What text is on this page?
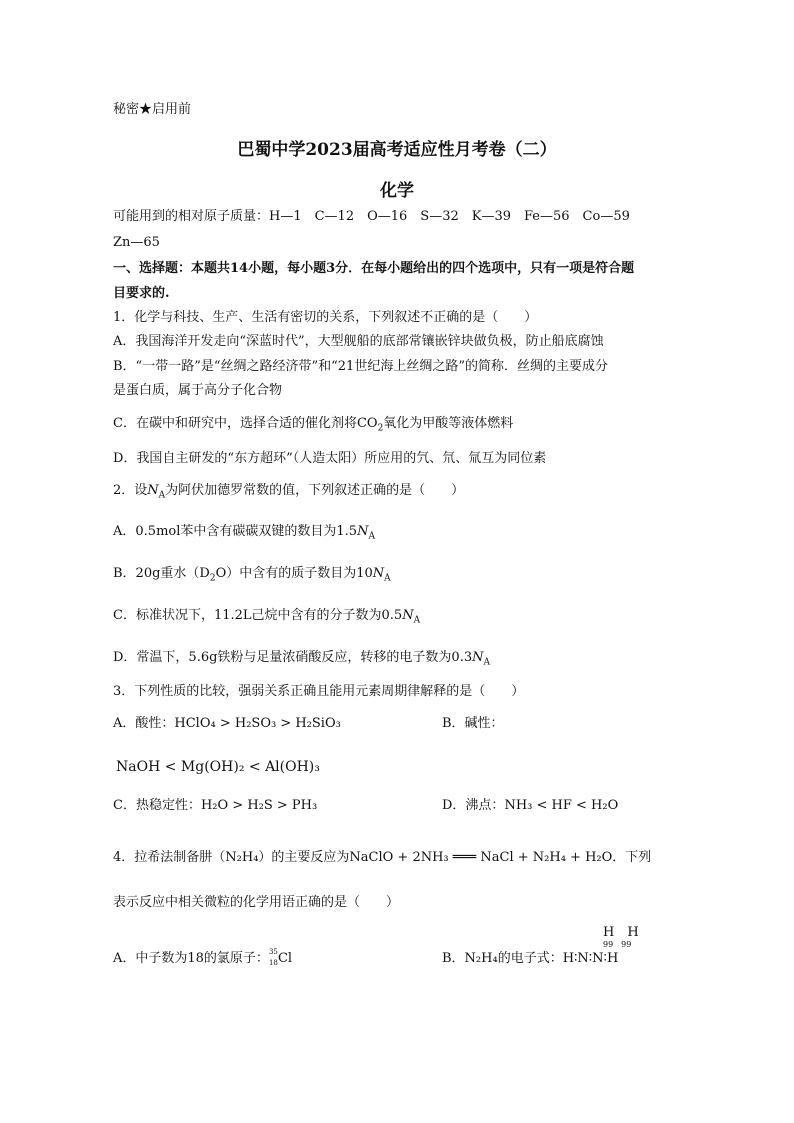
秘密★启用前
巴蜀中学2023届高考适应性月考卷（二）
化学
可能用到的相对原子质量：H—1　C—12　O—16　S—32　K—39　Fe—56　Co—59
Zn—65
一、选择题：本题共14小题，每小题3分．在每小题给出的四个选项中，只有一项是符合题
目要求的.
1．化学与科技、生产、生活有密切的关系，下列叙述不正确的是（　　）
A．我国海洋开发走向“深蓝时代”，大型舰船的底部常镶嵌锌块做负极，防止船底腐蚀
B．“一带一路”是“丝绸之路经济带”和“21世纪海上丝绸之路”的简称．丝绸的主要成分
是蛋白质，属于高分子化合物
C．在碳中和研究中，选择合适的催化剂将$CO_2$氧化为甲酸等液体燃料
D．我国自主研发的“东方超环”（人造太阳）所应用的氕、氘、氚互为同位素
2．设$N_A$为阿伏加德罗常数的值，下列叙述正确的是（　　）
A．0.5mol苯中含有碳碳双键的数目为$1.5N_A$
B．20g重水$(D_2O)$中含有的质子数目为$10N_A$
C．标准状况下，11.2L己烷中含有的分子数为$0.5N_A$
D．常温下，5.6g铁粉与足量浓硝酸反应，转移的电子数为$0.3N_A$
3．下列性质的比较，强弱关系正确且能用元素周期律解释的是（　　）
A．酸性：HClO₄ > H₂SO₃ > H₂SiO₃	B．碱性：
NaOH < Mg(OH)₂ < Al(OH)₃
C．热稳定性：H₂O > H₂S > PH₃	D．沸点：NH₃ < HF < H₂O
4．拉希法制备肼（N₂H₄）的主要反应为NaClO + 2NH₃ ═══ NaCl + N₂H₄ + H₂O．下列
表示反应中相关微粒的化学用语正确的是（　　）
A．中子数为18的氯原子： 35
18 Cl	B．N₂H₄的电子式：H∶N∶N∶H
H　H
99　99
